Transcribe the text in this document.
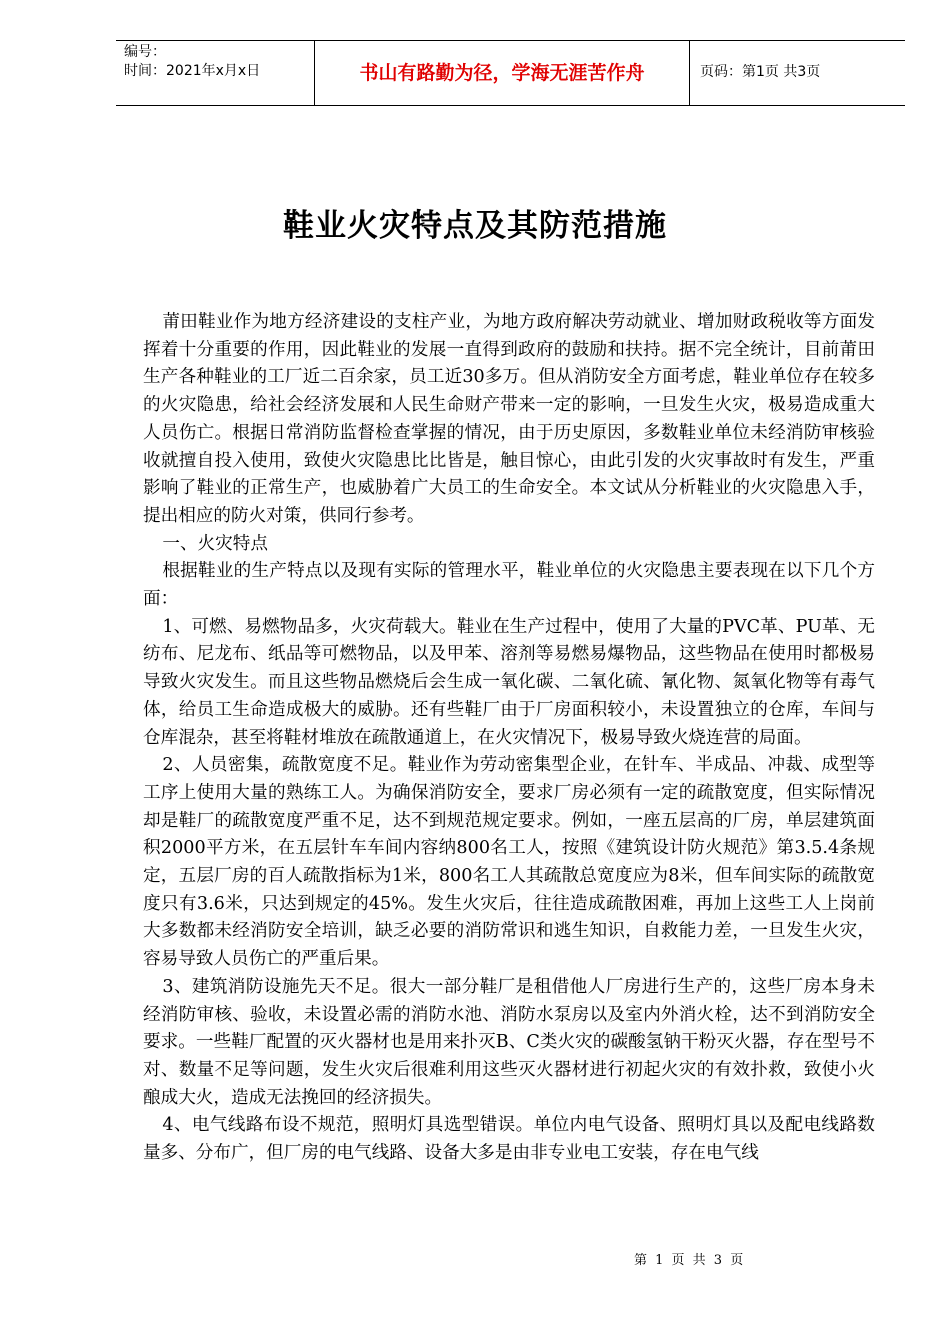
编号：
时间：2021年x月x日	书山有路勤为径，学海无涯苦作舟	页码：第1页 共3页
鞋业火灾特点及其防范措施

莆田鞋业作为地方经济建设的支柱产业，为地方政府解决劳动就业、增加财政税收等方面发挥着十分重要的作用，因此鞋业的发展一直得到政府的鼓励和扶持。据不完全统计，目前莆田生产各种鞋业的工厂近二百余家，员工近30多万。但从消防安全方面考虑，鞋业单位存在较多的火灾隐患，给社会经济发展和人民生命财产带来一定的影响，一旦发生火灾，极易造成重大人员伤亡。根据日常消防监督检查掌握的情况，由于历史原因，多数鞋业单位未经消防审核验收就擅自投入使用，致使火灾隐患比比皆是，触目惊心，由此引发的火灾事故时有发生，严重影响了鞋业的正常生产，也威胁着广大员工的生命安全。本文试从分析鞋业的火灾隐患入手，提出相应的防火对策，供同行参考。

一、火灾特点

根据鞋业的生产特点以及现有实际的管理水平，鞋业单位的火灾隐患主要表现在以下几个方面：

1、可燃、易燃物品多，火灾荷载大。鞋业在生产过程中，使用了大量的PVC革、PU革、无纺布、尼龙布、纸品等可燃物品，以及甲苯、溶剂等易燃易爆物品，这些物品在使用时都极易导致火灾发生。而且这些物品燃烧后会生成一氧化碳、二氧化硫、氰化物、氮氧化物等有毒气体，给员工生命造成极大的威胁。还有些鞋厂由于厂房面积较小，未设置独立的仓库，车间与仓库混杂，甚至将鞋材堆放在疏散通道上，在火灾情况下，极易导致火烧连营的局面。

2、人员密集，疏散宽度不足。鞋业作为劳动密集型企业，在针车、半成品、冲裁、成型等工序上使用大量的熟练工人。为确保消防安全，要求厂房必须有一定的疏散宽度，但实际情况却是鞋厂的疏散宽度严重不足，达不到规范规定要求。例如，一座五层高的厂房，单层建筑面积2000平方米，在五层针车车间内容纳800名工人，按照《建筑设计防火规范》第3.5.4条规定，五层厂房的百人疏散指标为1米，800名工人其疏散总宽度应为8米，但车间实际的疏散宽度只有3.6米，只达到规定的45%。发生火灾后，往往造成疏散困难，再加上这些工人上岗前大多数都未经消防安全培训，缺乏必要的消防常识和逃生知识，自救能力差，一旦发生火灾，容易导致人员伤亡的严重后果。

3、建筑消防设施先天不足。很大一部分鞋厂是租借他人厂房进行生产的，这些厂房本身未经消防审核、验收，未设置必需的消防水池、消防水泵房以及室内外消火栓，达不到消防安全要求。一些鞋厂配置的灭火器材也是用来扑灭B、C类火灾的碳酸氢钠干粉灭火器，存在型号不对、数量不足等问题，发生火灾后很难利用这些灭火器材进行初起火灾的有效扑救，致使小火酿成大火，造成无法挽回的经济损失。

4、电气线路布设不规范，照明灯具选型错误。单位内电气设备、照明灯具以及配电线路数量多、分布广，但厂房的电气线路、设备大多是由非专业电工安装，存在电气线

第 1 页 共 3 页
